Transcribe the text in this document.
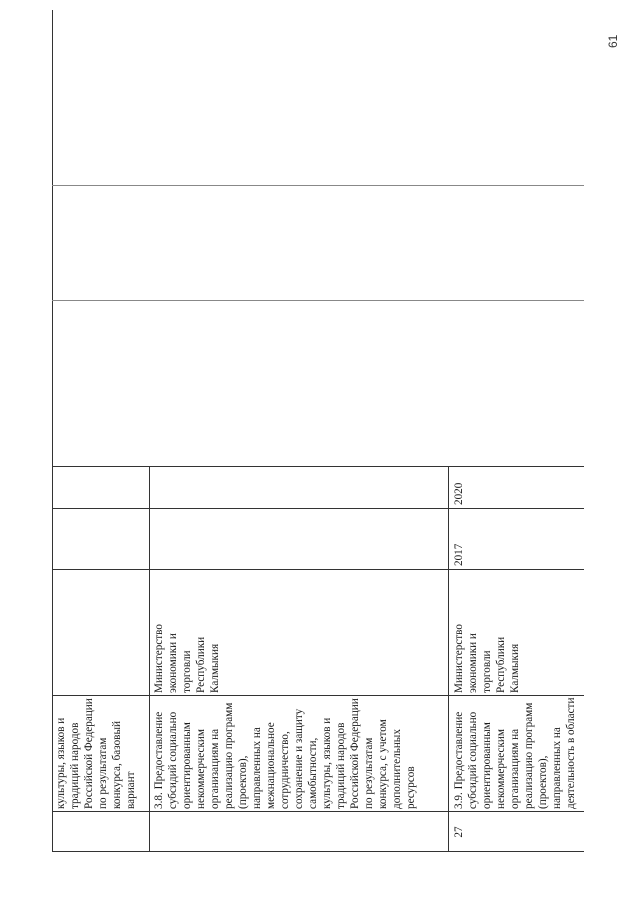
61
культуры, языков и
традиций народов
Российской Федерации
по результатам
конкурса, базовый
вариант	3.8. Предоставление
субсидий социально
ориентированным
некоммерческим
организациям на
реализацию программ
(проектов),
направленных на
межнациональное
сотрудничество,
сохранение и защиту
самобытности,
культуры, языков и
традиций народов
Российской Федерации
по результатам
конкурса, с учетом
дополнительных
ресурсов
Министерство
экономики и
торговли
Республики
Калмыкия
27
3.9. Предоставление
субсидий социально
ориентированным
некоммерческим
организациям на
реализацию программ
(проектов),
направленных на
деятельность в области
Министерство
экономики и
торговли
Республики
Калмыкия
2017
2020
